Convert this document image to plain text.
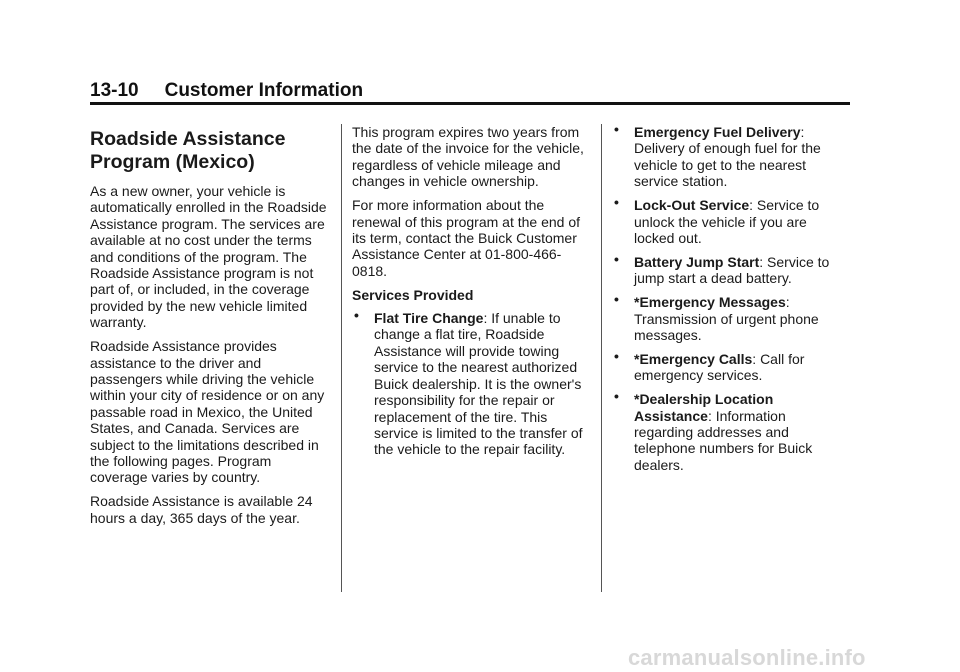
13-10 Customer Information
Roadside Assistance
Program (Mexico)

As a new owner, your vehicle is automatically enrolled in the Roadside Assistance program. The services are available at no cost under the terms and conditions of the program. The Roadside Assistance program is not part of, or included, in the coverage provided by the new vehicle limited warranty.

Roadside Assistance provides assistance to the driver and passengers while driving the vehicle within your city of residence or on any passable road in Mexico, the United States, and Canada. Services are subject to the limitations described in the following pages. Program coverage varies by country.

Roadside Assistance is available 24 hours a day, 365 days of the year.

This program expires two years from the date of the invoice for the vehicle, regardless of vehicle mileage and changes in vehicle ownership.

For more information about the renewal of this program at the end of its term, contact the Buick Customer Assistance Center at 01-800-466-0818.

Services Provided
• Flat Tire Change: If unable to change a flat tire, Roadside Assistance will provide towing service to the nearest authorized Buick dealership. It is the owner's responsibility for the repair or replacement of the tire. This service is limited to the transfer of the vehicle to the repair facility.
• Emergency Fuel Delivery: Delivery of enough fuel for the vehicle to get to the nearest service station.
• Lock-Out Service: Service to unlock the vehicle if you are locked out.
• Battery Jump Start: Service to jump start a dead battery.
• *Emergency Messages: Transmission of urgent phone messages.
• *Emergency Calls: Call for emergency services.
• *Dealership Location Assistance: Information regarding addresses and telephone numbers for Buick dealers.
carmanualsonline.info
